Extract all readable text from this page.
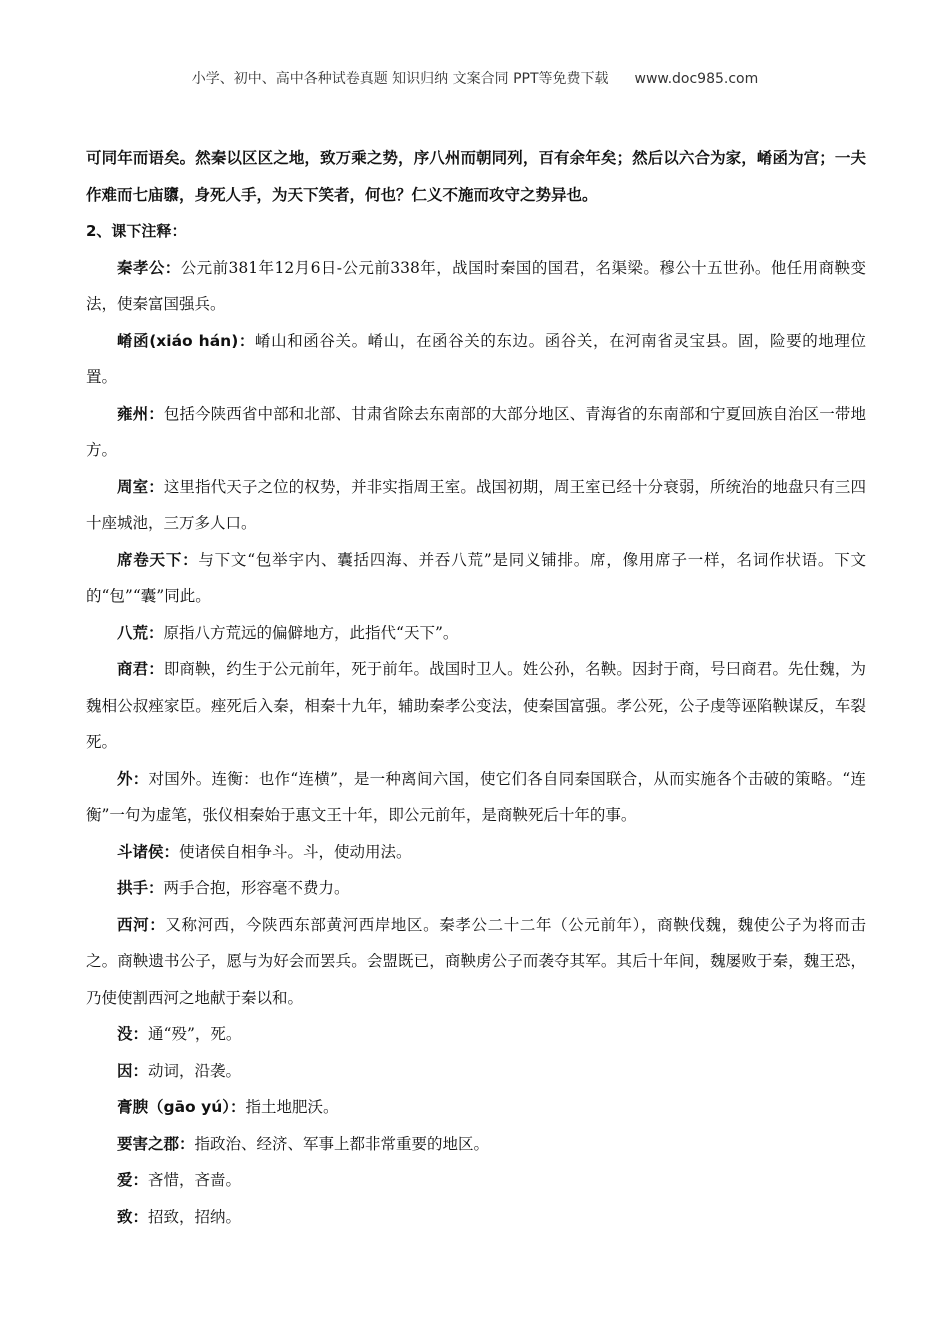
小学、初中、高中各种试卷真题 知识归纳 文案合同 PPT等免费下载 www.doc985.com

可同年而语矣。然秦以区区之地，致万乘之势，序八州而朝同列，百有余年矣；然后以六合为家，崤函为宫；一夫作难而七庙隳，身死人手，为天下笑者，何也？仁义不施而攻守之势异也。

2、课下注释：

秦孝公：公元前381年12月6日-公元前338年，战国时秦国的国君，名渠梁。穆公十五世孙。他任用商鞅变法，使秦富国强兵。

崤函(xiáo hán)：崤山和函谷关。崤山，在函谷关的东边。函谷关，在河南省灵宝县。固，险要的地理位置。

雍州：包括今陕西省中部和北部、甘肃省除去东南部的大部分地区、青海省的东南部和宁夏回族自治区一带地方。

周室：这里指代天子之位的权势，并非实指周王室。战国初期，周王室已经十分衰弱，所统治的地盘只有三四十座城池，三万多人口。

席卷天下：与下文“包举宇内、囊括四海、并吞八荒”是同义铺排。席，像用席子一样，名词作状语。下文的“包”“囊”同此。

八荒：原指八方荒远的偏僻地方，此指代“天下”。

商君：即商鞅，约生于公元前年，死于前年。战国时卫人。姓公孙，名鞅。因封于商，号曰商君。先仕魏，为魏相公叔痤家臣。痤死后入秦，相秦十九年，辅助秦孝公变法，使秦国富强。孝公死，公子虔等诬陷鞅谋反，车裂死。

外：对国外。连衡：也作“连横”，是一种离间六国，使它们各自同秦国联合，从而实施各个击破的策略。“连衡”一句为虚笔，张仪相秦始于惠文王十年，即公元前年，是商鞅死后十年的事。

斗诸侯：使诸侯自相争斗。斗，使动用法。

拱手：两手合抱，形容毫不费力。

西河：又称河西，今陕西东部黄河西岸地区。秦孝公二十二年（公元前年），商鞅伐魏，魏使公子为将而击之。商鞅遗书公子，愿与为好会而罢兵。会盟既已，商鞅虏公子而袭夺其军。其后十年间，魏屡败于秦，魏王恐，乃使使割西河之地献于秦以和。

没：通“殁”，死。

因：动词，沿袭。

膏腴（gāo yú）：指土地肥沃。

要害之郡：指政治、经济、军事上都非常重要的地区。

爱：吝惜，吝啬。

致：招致，招纳。
